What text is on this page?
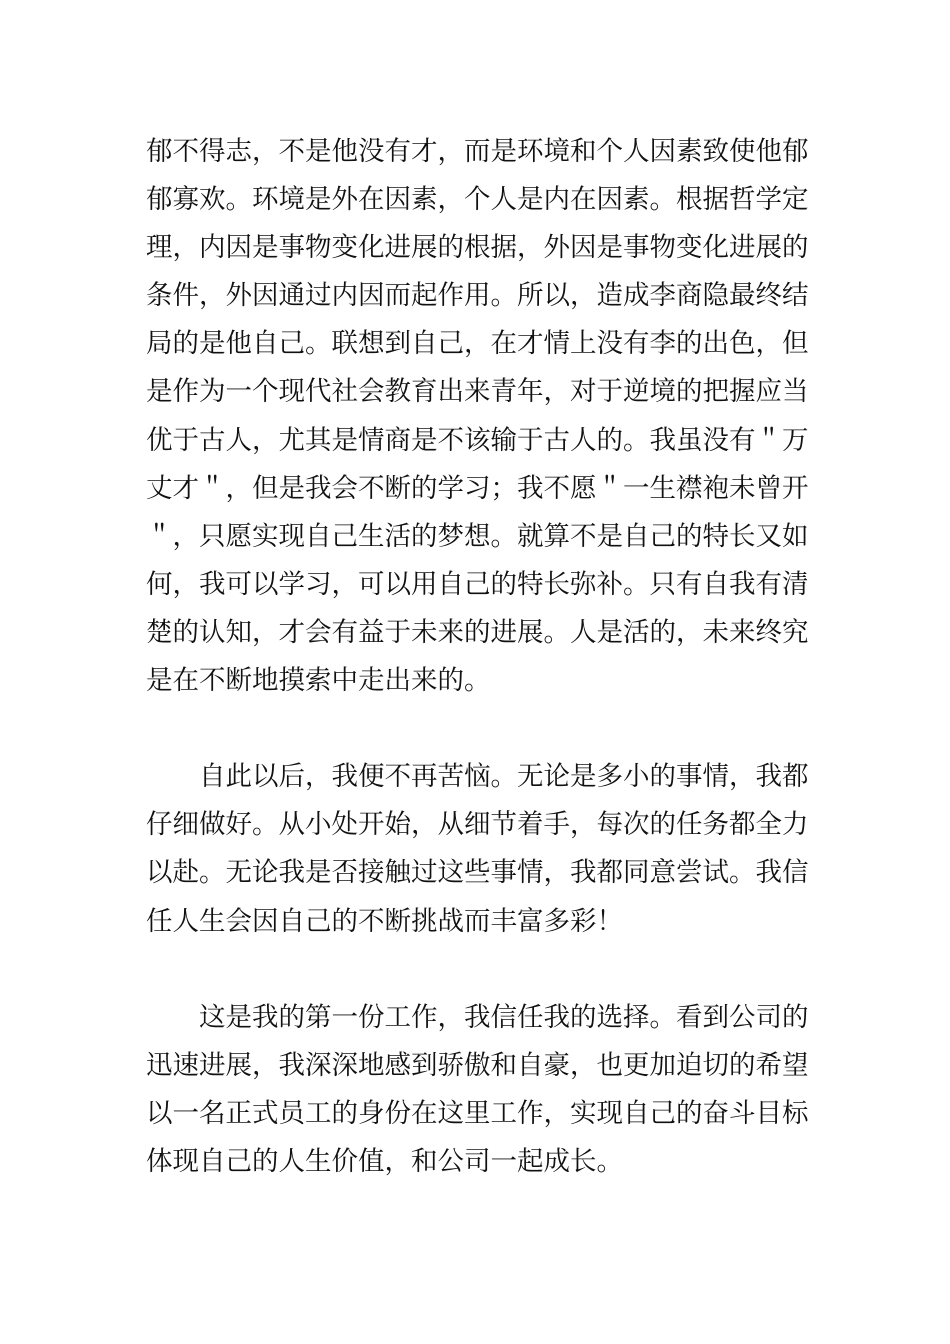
郁不得志，不是他没有才，而是环境和个人因素致使他郁
郁寡欢。环境是外在因素，个人是内在因素。根据哲学定
理，内因是事物变化进展的根据，外因是事物变化进展的
条件，外因通过内因而起作用。所以，造成李商隐最终结
局的是他自己。联想到自己，在才情上没有李的出色，但
是作为一个现代社会教育出来青年，对于逆境的把握应当
优于古人，尤其是情商是不该输于古人的。我虽没有＂万
丈才＂，但是我会不断的学习；我不愿＂一生襟袍未曾开
＂，只愿实现自己生活的梦想。就算不是自己的特长又如
何，我可以学习，可以用自己的特长弥补。只有自我有清
楚的认知，才会有益于未来的进展。人是活的，未来终究
是在不断地摸索中走出来的。
自此以后，我便不再苦恼。无论是多小的事情，我都
仔细做好。从小处开始，从细节着手，每次的任务都全力
以赴。无论我是否接触过这些事情，我都同意尝试。我信
任人生会因自己的不断挑战而丰富多彩！
这是我的第一份工作，我信任我的选择。看到公司的
迅速进展，我深深地感到骄傲和自豪，也更加迫切的希望
以一名正式员工的身份在这里工作，实现自己的奋斗目标
体现自己的人生价值，和公司一起成长。
